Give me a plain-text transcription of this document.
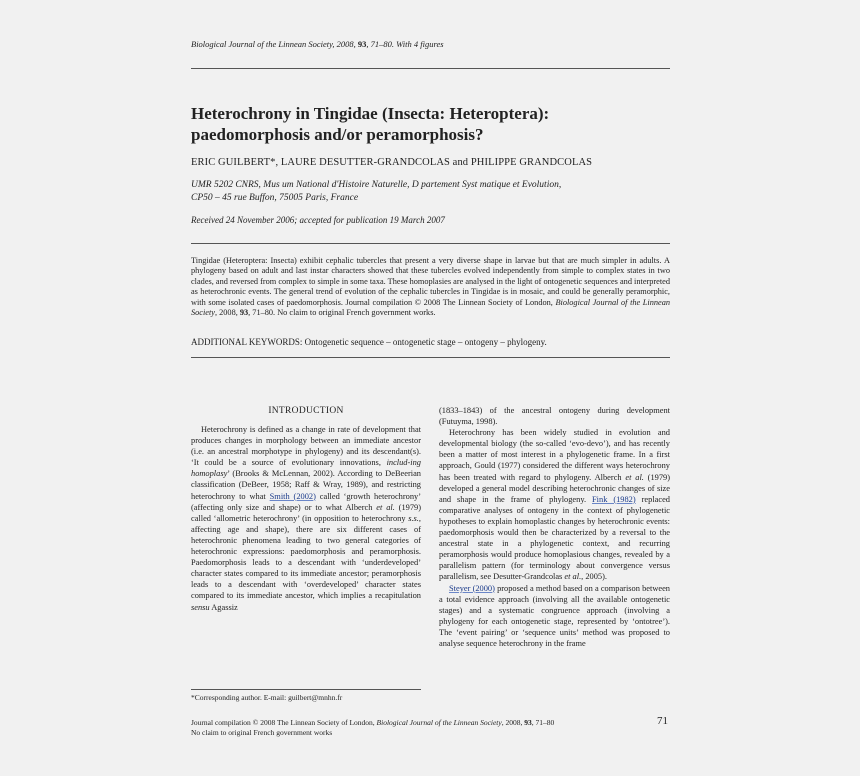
Biological Journal of the Linnean Society, 2008, 93, 71–80. With 4 figures
Heterochrony in Tingidae (Insecta: Heteroptera):
paedomorphosis and/or peramorphosis?
ERIC GUILBERT*, LAURE DESUTTER-GRANDCOLAS and PHILIPPE GRANDCOLAS
UMR 5202 CNRS, Mus um National d'Histoire Naturelle, D partement Syst matique et Evolution,
CP50 – 45 rue Buffon, 75005 Paris, France
Received 24 November 2006; accepted for publication 19 March 2007
Tingidae (Heteroptera: Insecta) exhibit cephalic tubercles that present a very diverse shape in larvae but that are much simpler in adults. A phylogeny based on adult and last instar characters showed that these tubercles evolved independently from simple to complex states in two clades, and reversed from complex to simple in some taxa. These homoplasies are analysed in the light of ontogenetic sequences and interpreted as heterochronic events. The general trend of evolution of the cephalic tubercles in Tingidae is in mosaic, and could be generally peramorphic, with some isolated cases of paedomorphosis. Journal compilation © 2008 The Linnean Society of London, Biological Journal of the Linnean Society, 2008, 93, 71–80. No claim to original French government works.
ADDITIONAL KEYWORDS: Ontogenetic sequence – ontogenetic stage – ontogeny – phylogeny.
INTRODUCTION

Heterochrony is defined as a change in rate of development that produces changes in morphology between an immediate ancestor (i.e. an ancestral morphotype in phylogeny) and its descendant(s). ‘It could be a source of evolutionary innovations, includ-ing homoplasy’ (Brooks & McLennan, 2002). According to DeBeerian classification (DeBeer, 1958; Raff & Wray, 1989), and restricting heterochrony to what Smith (2002) called ‘growth heterochrony’ (affecting only size and shape) or to what Alberch et al. (1979) called ‘allometric heterochrony’ (in opposition to heterochrony s.s., affecting age and shape), there are six different cases of heterochronic phenomena leading to two general categories of heterochronic expressions: paedomorphosis and peramorphosis. Paedomorphosis leads to a descendant with ‘underdeveloped’ character states compared to its immediate ancestor; peramorphosis leads to a descendant with ‘overdeveloped’ character states compared to its immediate ancestor, which implies a recapitulation sensu Agassiz

(1833–1843) of the ancestral ontogeny during development (Futuyma, 1998).

Heterochrony has been widely studied in evolution and developmental biology (the so-called ‘evo-devo’), and has recently been a matter of most interest in a phylogenetic frame. In a first approach, Gould (1977) considered the different ways heterochrony has been treated with regard to phylogeny. Alberch et al. (1979) developed a general model describing heterochronic changes of size and shape in the frame of phylogeny. Fink (1982) replaced comparative analyses of ontogeny in the context of phylogenetic hypotheses to explain homoplastic changes by heterochronic events: paedomorphosis would then be characterized by a reversal to the ancestral state in a phylogenetic context, and recurring peramorphosis would produce homoplasious changes, revealed by a parallelism pattern (for terminology about convergence versus parallelism, see Desutter-Grandcolas et al., 2005).

Steyer (2000) proposed a method based on a comparison between a total evidence approach (involving all the available ontogenetic stages) and a systematic congruence approach (involving a phylogeny for each ontogenetic stage, represented by ‘ontotree’). The ‘event pairing’ or ‘sequence units’ method was proposed to analyse sequence heterochrony in the frame

*Corresponding author. E-mail: guilbert@mnhn.fr
Journal compilation © 2008 The Linnean Society of London, Biological Journal of the Linnean Society, 2008, 93, 71–80
No claim to original French government works
71
